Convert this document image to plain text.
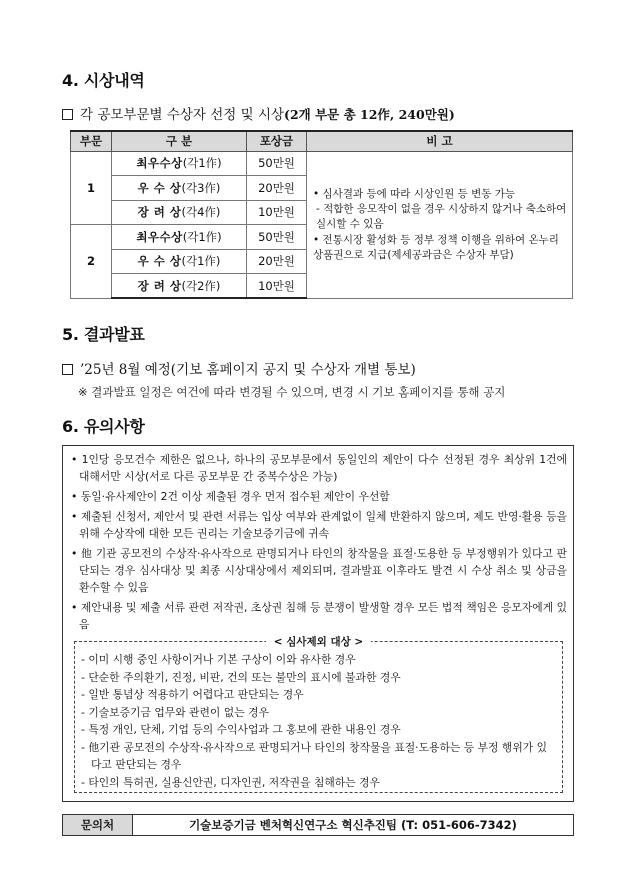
4. 시상내역
각 공모부문별 수상자 선정 및 시상(2개 부문 총 12作, 240만원)
부문	구 분	포상금	비 고
1	최우수상(각1作)	50만원	• 심사결과 등에 따라 시상인원 등 변동 가능

- 적합한 응모작이 없을 경우 시상하지 않거나 축소하여 실시할 수 있음

• 전통시장 활성화 등 정부 정책 이행을 위하여 온누리상품권으로 지급(제세공과금은 수상자 부담)

	우 수 상(각3作)	20만원	
	장 려 상(각4作)	10만원	
2	최우수상(각1作)	50만원	
	우 수 상(각1作)	20만원	
	장 려 상(각2作)	10만원	
5. 결과발표
’25년 8월 예정(기보 홈페이지 공지 및 수상자 개별 통보)
※ 결과발표 일정은 여건에 따라 변경될 수 있으며, 변경 시 기보 홈페이지를 통해 공지
6. 유의사항
• 1인당 응모건수 제한은 없으나, 하나의 공모부문에서 동일인의 제안이 다수 선정된 경우 최상위 1건에 대해서만 시상(서로 다른 공모부문 간 중복수상은 가능)
• 동일·유사제안이 2건 이상 제출된 경우 먼저 접수된 제안이 우선함
• 제출된 신청서, 제안서 및 관련 서류는 입상 여부와 관계없이 일체 반환하지 않으며, 제도 반영·활용 등을 위해 수상작에 대한 모든 권리는 기술보증기금에 귀속
• 他 기관 공모전의 수상작·유사작으로 판명되거나 타인의 창작물을 표절·도용한 등 부정행위가 있다고 판단되는 경우 심사대상 및 최종 시상대상에서 제외되며, 결과발표 이후라도 발견 시 수상 취소 및 상금을 환수할 수 있음
• 제안내용 및 제출 서류 관련 저작권, 초상권 침해 등 분쟁이 발생할 경우 모든 법적 책임은 응모자에게 있음
< 심사제외 대상 >
- 이미 시행 중인 사항이거나 기본 구상이 이와 유사한 경우
- 단순한 주의환기, 진정, 비판, 건의 또는 불만의 표시에 불과한 경우
- 일반 통념상 적용하기 어렵다고 판단되는 경우
- 기술보증기금 업무와 관련이 없는 경우
- 특정 개인, 단체, 기업 등의 수익사업과 그 홍보에 관한 내용인 경우
- 他기관 공모전의 수상작·유사작으로 판명되거나 타인의 창작물을 표절·도용하는 등 부정 행위가 있다고 판단되는 경우
- 타인의 특허권, 실용신안권, 디자인권, 저작권을 침해하는 경우
문의처	기술보증기금 벤처혁신연구소 혁신추진팀 (T: 051-606-7342)
